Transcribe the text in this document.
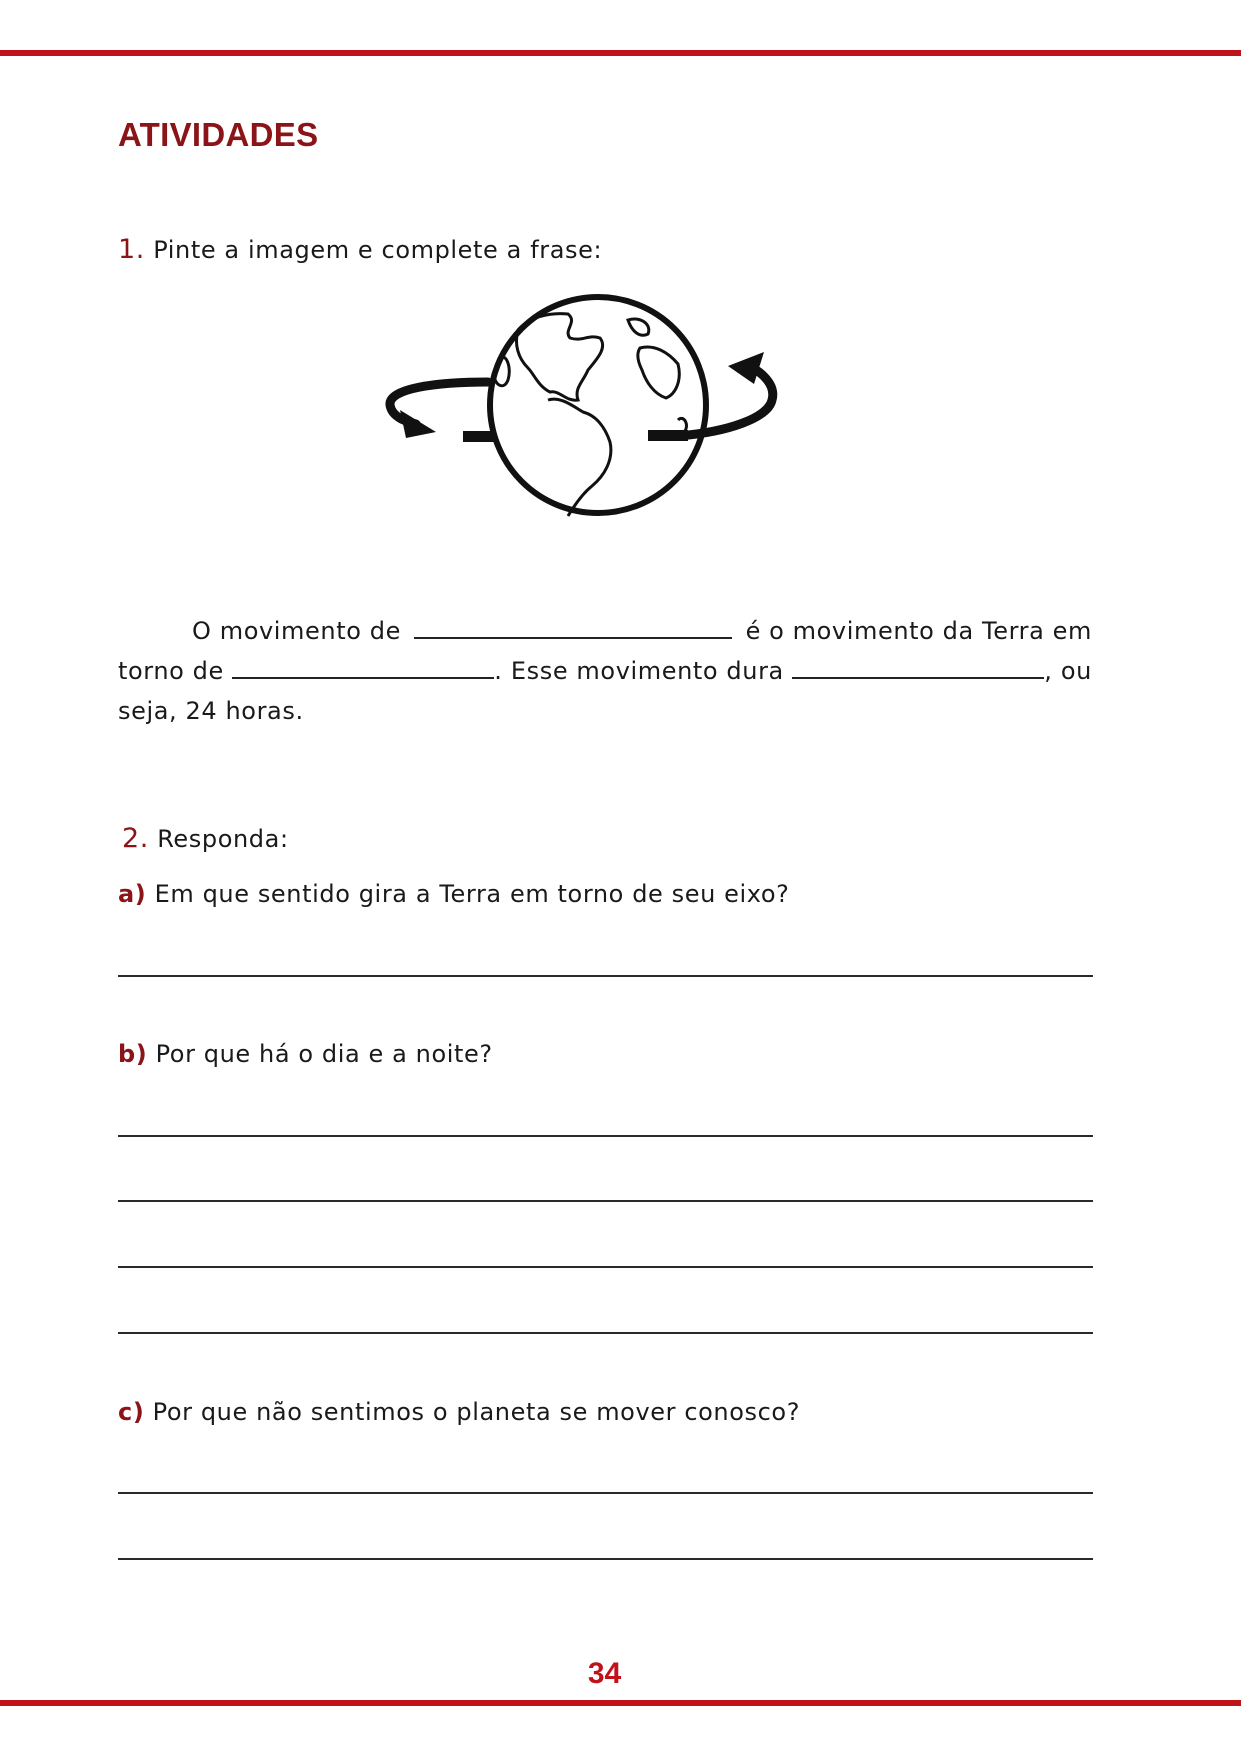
ATIVIDADES
1. Pinte a imagem e complete a frase:
O movimento de	é o movimento da Terra em
torno de	. Esse movimento dura	, ou
seja, 24 horas.
2. Responda:
a) Em que sentido gira a Terra em torno de seu eixo?
b) Por que há o dia e a noite?
c) Por que não sentimos o planeta se mover conosco?
34
